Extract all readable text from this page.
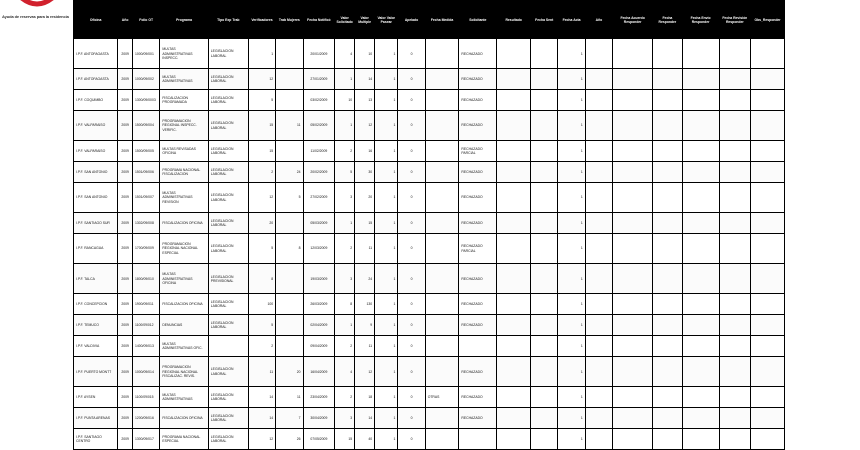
Ayuda de reservas para la residencia
Oficina	Año	Folio OT	Programa	Tipo Exp Trab	Verificadores	Trab Mujeres	Fecha Notificó	Valor Solicitado	Valor Multiple	Valor Valor Pasear	Apelado	Fecha Medida	Solicitante	Resultado	Fecha Sent	Fecha Acta	Año	Fecha Acuerdo Responder	Fecha Responder	Fecha Envío Responder	Fecha Revisión Responder	Obs_Responder
I.P.F. ANTOFAGASTA	2009	1000/09/001	MULTAS ADMINISTRATIVAS INSPECC.	LEGISLACION LABORAL	1		20/01/2009	4	10	1	0		RECHAZADO			1						
I.P.F. ANTOFAGASTA	2009	1000/09/002	MULTAS ADMINISTRATIVAS	LEGISLACION LABORAL	12		27/01/2009	1	14	1	0		RECHAZADO			1						
I.P.F. COQUIMBO	2009	1300/09/0003	FISCALIZACION PROGRAMADA	LEGISLACION LABORAL	5		03/02/2009	10	13	1	0		RECHAZADO			1						
I.P.F. VALPARAISO	2009	1500/09/004	PROGRAMACION REGIONAL INSPECC. VERIFIC.	LEGISLACION LABORAL	15	11	05/02/2009	1	12	1	0		RECHAZADO			1						
I.P.F. VALPARAISO	2009	1500/09/005	MULTAS REVISADAS OFICINA	LEGISLACION LABORAL	15		11/02/2009	2	16	1	0		RECHAZADO PARCIAL			1						
I.P.F. SAN ANTONIO	2009	1501/09/006	PROGRAMA NACIONAL FISCALIZACION	LEGISLACION LABORAL	2	24	20/02/2009	5	30	1	0		RECHAZADO			1						
I.P.F. SAN ANTONIO	2009	1501/09/007	MULTAS ADMINISTRATIVAS REVISION	LEGISLACION LABORAL	12	5	27/02/2009	3	20	1	0		RECHAZADO			1						
I.P.F. SANTIAGO SUR	2009	1302/09/008	FISCALIZACION OFICINA	LEGISLACION LABORAL	20		05/03/2009	1	15	1	0		RECHAZADO			1						
I.P.F. RANCAGUA	2009	1700/09/009	PROGRAMACION REGIONAL NACIONAL ESPECIAL	LEGISLACION LABORAL	5	8	12/03/2009	2	11	1	0		RECHAZADO PARCIAL			1						
I.P.F. TALCA	2009	1800/09/010	MULTAS ADMINISTRATIVAS OFICINA	LEGISLACION PREVISIONAL	8		19/03/2009	3	24	1	0		RECHAZADO			1						
I.P.F. CONCEPCION	2009	1900/09/011	FISCALIZACION OFICINA	LEGISLACION LABORAL	100		26/03/2009	8	130	1	0		RECHAZADO			1						
I.P.F. TEMUCO	2009	1100/09/012	DENUNCIAS	LEGISLACION LABORAL	5		02/04/2009	1	9	1	0		RECHAZADO			1						
I.P.F. VALDIVIA	2009	1400/09/013	MULTAS ADMINISTRATIVAS OFIC.		2		09/04/2009	2	11	1	0					1						
I.P.F. PUERTO MONTT	2009	1000/09/014	PROGRAMACION REGIONAL NACIONAL FISCALIZAC. REVIS.	LEGISLACION LABORAL	11	20	16/04/2009	4	12	1	0		RECHAZADO			1						
I.P.F. AYSEN	2009	1100/09/015	MULTAS ADMINISTRATIVAS	LEGISLACION LABORAL	14	11	23/04/2009	2	18	1	0	OTRAS	RECHAZADO			1						
I.P.F. PUNTA ARENAS	2009	1200/09/016	FISCALIZACION OFICINA	LEGISLACION LABORAL	14	7	30/04/2009	3	14	1	0		RECHAZADO			1						
I.P.F. SANTIAGO CENTRO	2009	1300/09/017	PROGRAMA NACIONAL ESPECIAL	LEGISLACION LABORAL	12	26	07/05/2009	15	40	1	0					1						
